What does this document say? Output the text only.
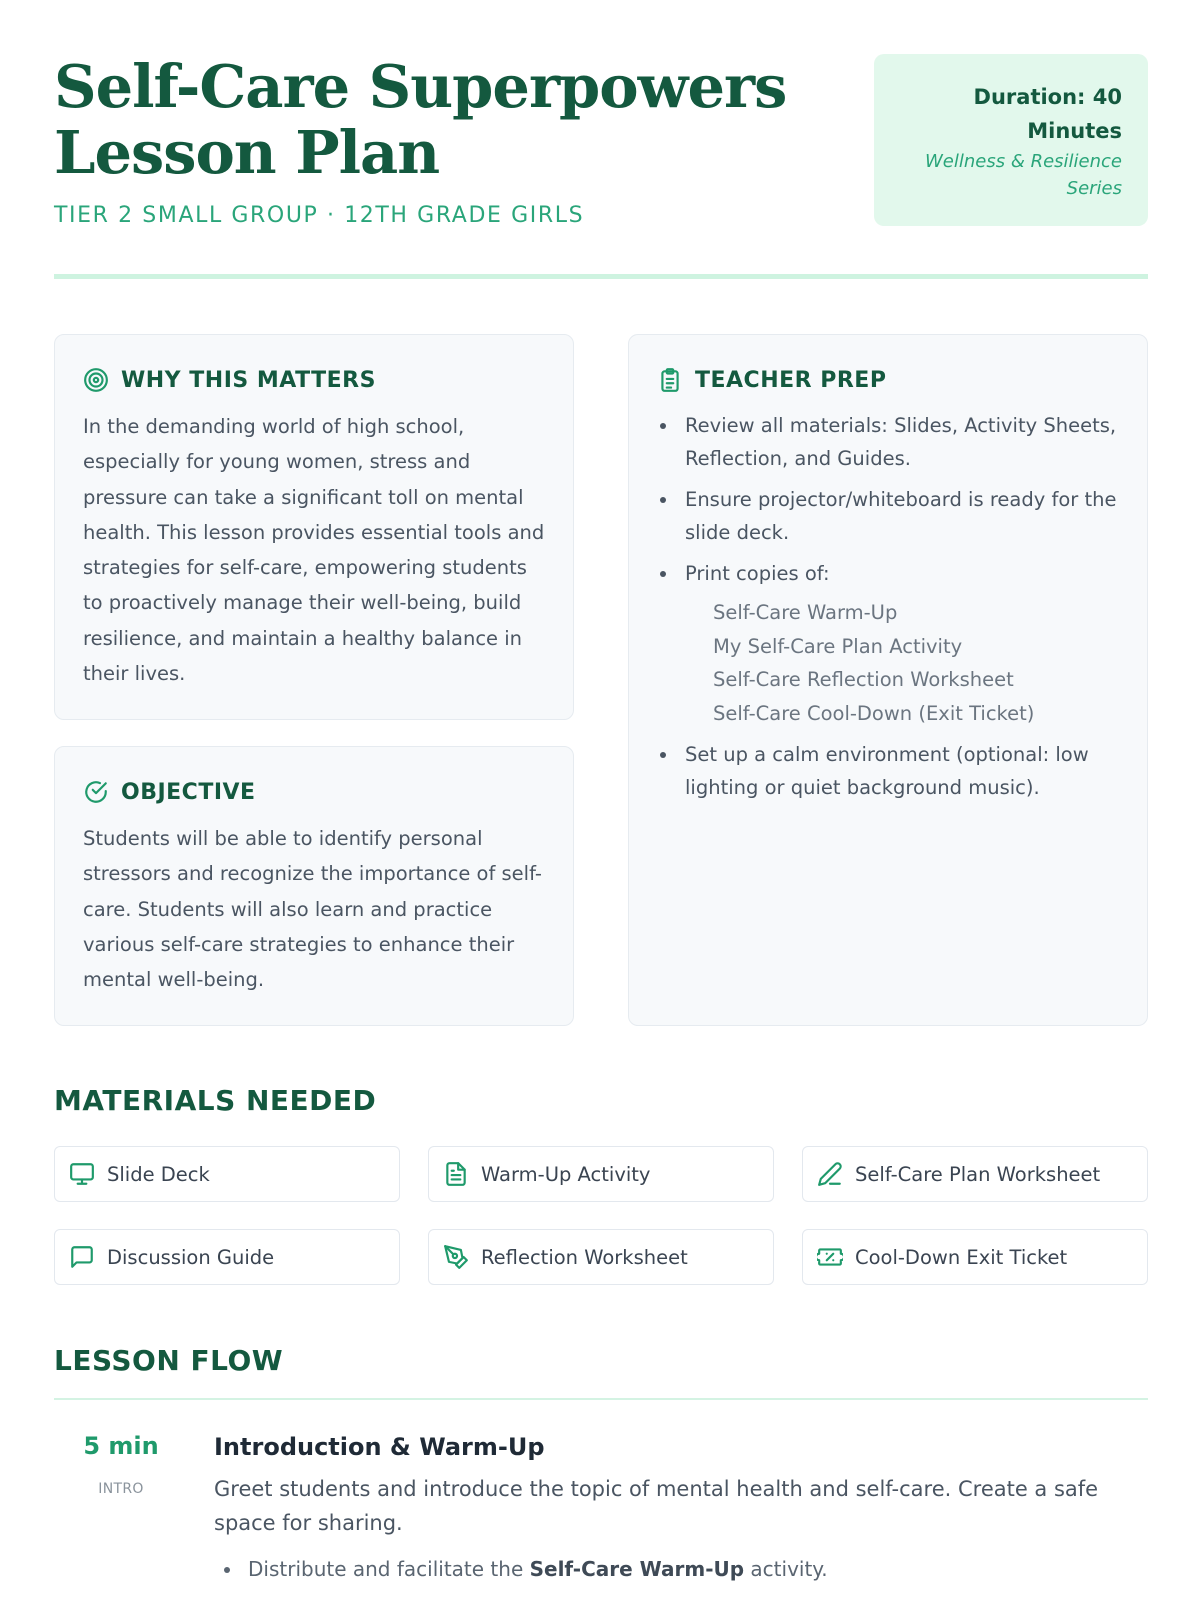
Self-Care Superpowers Lesson Plan
TIER 2 SMALL GROUP · 12TH GRADE GIRLS
Duration: 40 Minutes
Wellness & Resilience Series
WHY THIS MATTERS

In the demanding world of high school, especially for young women, stress and pressure can take a significant toll on mental health. This lesson provides essential tools and strategies for self-care, empowering students to proactively manage their well-being, build resilience, and maintain a healthy balance in their lives.

OBJECTIVE

Students will be able to identify personal stressors and recognize the importance of self-care. Students will also learn and practice various self-care strategies to enhance their mental well-being.

TEACHER PREP
Review all materials: Slides, Activity Sheets, Reflection, and Guides.
Ensure projector/whiteboard is ready for the slide deck.
Print copies of:
Self-Care Warm-Up
My Self-Care Plan Activity
Self-Care Reflection Worksheet
Self-Care Cool-Down (Exit Ticket)
Set up a calm environment (optional: low lighting or quiet background music).
MATERIALS NEEDED
Slide Deck	Warm-Up Activity	Self-Care Plan Worksheet
Discussion Guide	Reflection Worksheet	Cool-Down Exit Ticket
LESSON FLOW
5 min
INTRO
Introduction & Warm-Up

Greet students and introduce the topic of mental health and self-care. Create a safe space for sharing.

Distribute and facilitate the Self-Care Warm-Up activity.
